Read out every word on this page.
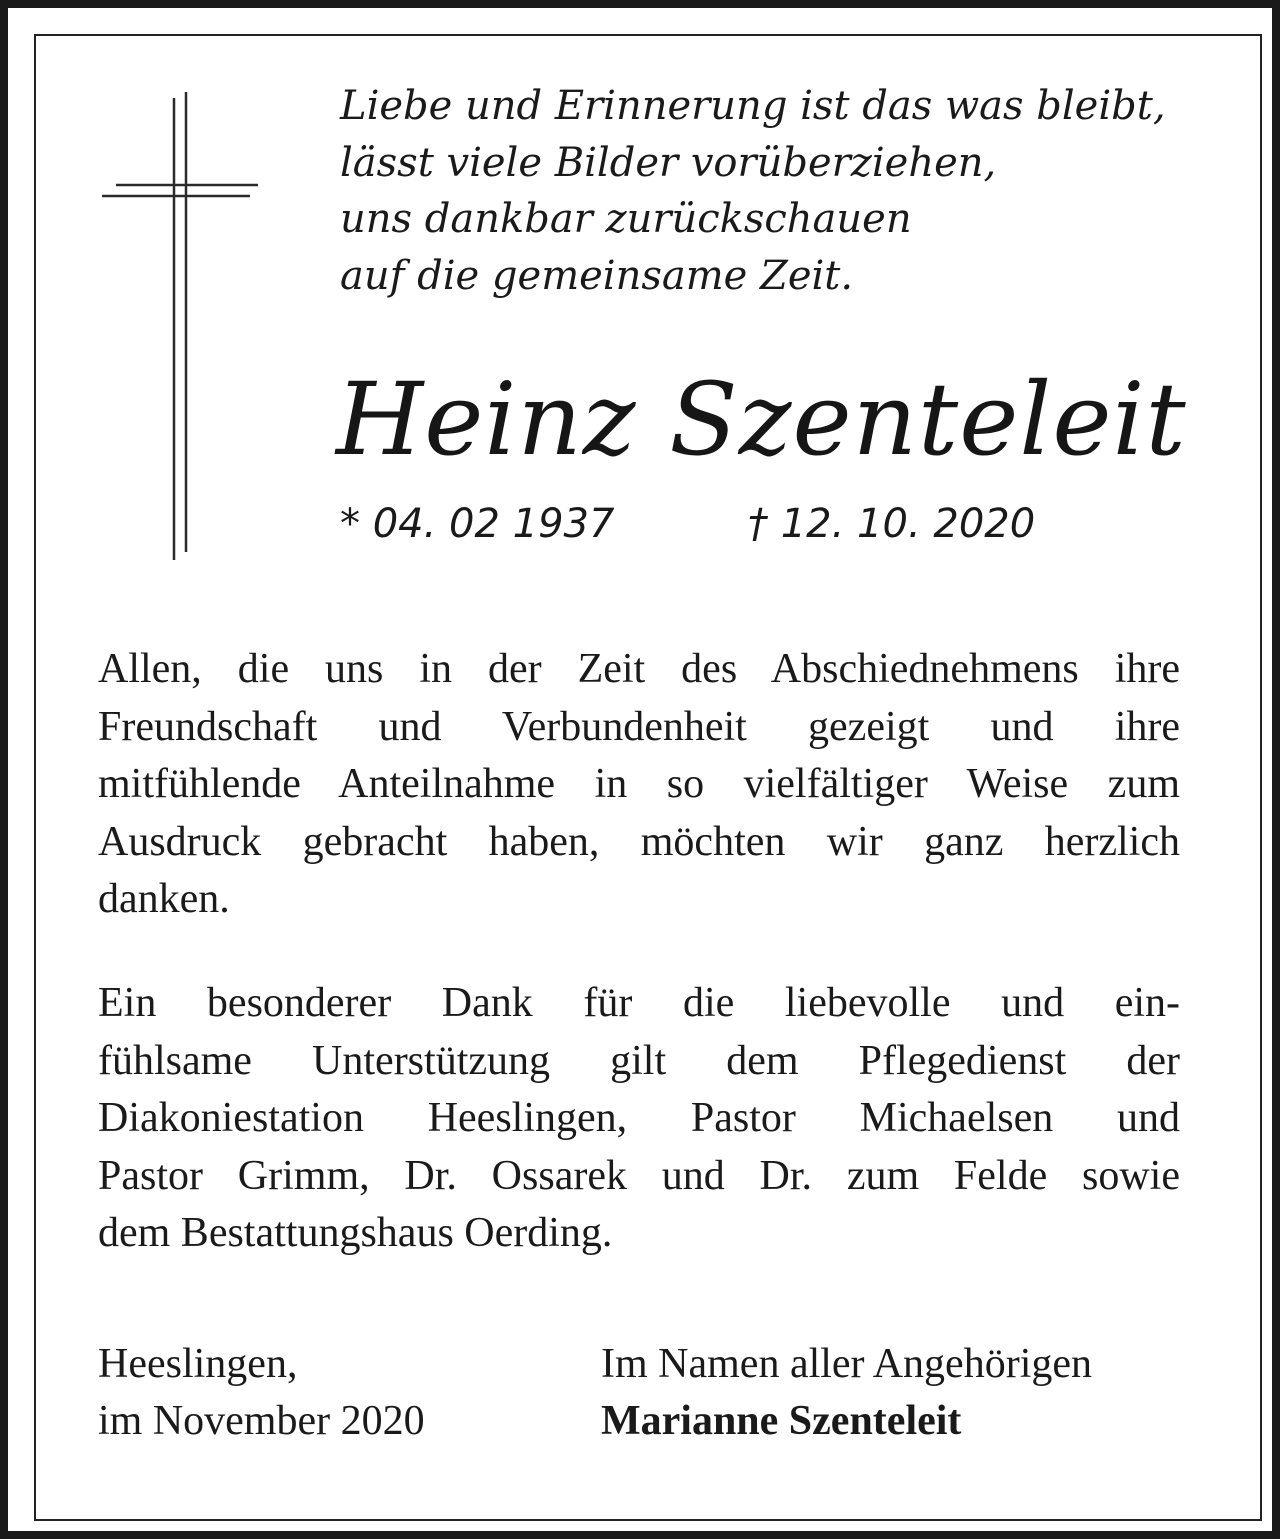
Liebe und Erinnerung ist das was bleibt,
lässt viele Bilder vorüberziehen,
uns dankbar zurückschauen
auf die gemeinsame Zeit.
Heinz Szenteleit
* 04. 02 1937	† 12. 10. 2020
Allen, die uns in der Zeit des Abschiednehmens ihre
Freundschaft und Verbundenheit gezeigt und ihre
mitfühlende Anteilnahme in so vielfältiger Weise zum
Ausdruck gebracht haben, möchten wir ganz herzlich
danken.
Ein besonderer Dank für die liebevolle und ein-
fühlsame Unterstützung gilt dem Pflegedienst der
Diakoniestation Heeslingen, Pastor Michaelsen und
Pastor Grimm, Dr. Ossarek und Dr. zum Felde sowie
dem Bestattungshaus Oerding.
Heeslingen,
im November 2020
Im Namen aller Angehörigen
Marianne Szenteleit
